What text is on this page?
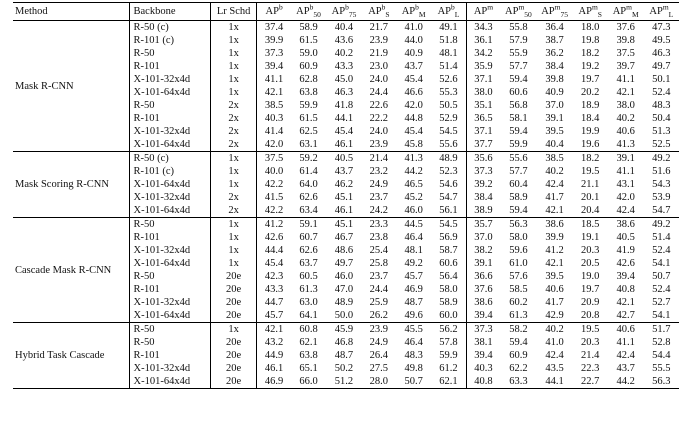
Method	Backbone	Lr Schd	$AP^b$	$AP^b_{50}$	$AP^b_{75}$	$AP^b_S$	$AP^b_M$	$AP^b_L$	$AP^m$	$AP^m_{50}$	$AP^m_{75}$	$AP^m_S$	$AP^m_M$	$AP^m_L$
Mask R-CNN	R-50 (c)	1x	37.4	58.9	40.4	21.7	41.0	49.1	34.3	55.8	36.4	18.0	37.6	47.3
	R-101 (c)	1x	39.9	61.5	43.6	23.9	44.0	51.8	36.1	57.9	38.7	19.8	39.8	49.5
	R-50	1x	37.3	59.0	40.2	21.9	40.9	48.1	34.2	55.9	36.2	18.2	37.5	46.3
	R-101	1x	39.4	60.9	43.3	23.0	43.7	51.4	35.9	57.7	38.4	19.2	39.7	49.7
	X-101-32x4d	1x	41.1	62.8	45.0	24.0	45.4	52.6	37.1	59.4	39.8	19.7	41.1	50.1
	X-101-64x4d	1x	42.1	63.8	46.3	24.4	46.6	55.3	38.0	60.6	40.9	20.2	42.1	52.4
	R-50	2x	38.5	59.9	41.8	22.6	42.0	50.5	35.1	56.8	37.0	18.9	38.0	48.3
	R-101	2x	40.3	61.5	44.1	22.2	44.8	52.9	36.5	58.1	39.1	18.4	40.2	50.4
	X-101-32x4d	2x	41.4	62.5	45.4	24.0	45.4	54.5	37.1	59.4	39.5	19.9	40.6	51.3
	X-101-64x4d	2x	42.0	63.1	46.1	23.9	45.8	55.6	37.7	59.9	40.4	19.6	41.3	52.5
Mask Scoring R-CNN	R-50 (c)	1x	37.5	59.2	40.5	21.4	41.3	48.9	35.6	55.6	38.5	18.2	39.1	49.2
	R-101 (c)	1x	40.0	61.4	43.7	23.2	44.2	52.3	37.3	57.7	40.2	19.5	41.1	51.6
	X-101-64x4d	1x	42.2	64.0	46.2	24.9	46.5	54.6	39.2	60.4	42.4	21.1	43.1	54.3
	X-101-32x4d	2x	41.5	62.6	45.1	23.7	45.2	54.7	38.4	58.9	41.7	20.1	42.0	53.9
	X-101-64x4d	2x	42.2	63.4	46.1	24.2	46.0	56.1	38.9	59.4	42.1	20.4	42.4	54.7
Cascade Mask R-CNN	R-50	1x	41.2	59.1	45.1	23.3	44.5	54.5	35.7	56.3	38.6	18.5	38.6	49.2
	R-101	1x	42.6	60.7	46.7	23.8	46.4	56.9	37.0	58.0	39.9	19.1	40.5	51.4
	X-101-32x4d	1x	44.4	62.6	48.6	25.4	48.1	58.7	38.2	59.6	41.2	20.3	41.9	52.4
	X-101-64x4d	1x	45.4	63.7	49.7	25.8	49.2	60.6	39.1	61.0	42.1	20.5	42.6	54.1
	R-50	20e	42.3	60.5	46.0	23.7	45.7	56.4	36.6	57.6	39.5	19.0	39.4	50.7
	R-101	20e	43.3	61.3	47.0	24.4	46.9	58.0	37.6	58.5	40.6	19.7	40.8	52.4
	X-101-32x4d	20e	44.7	63.0	48.9	25.9	48.7	58.9	38.6	60.2	41.7	20.9	42.1	52.7
	X-101-64x4d	20e	45.7	64.1	50.0	26.2	49.6	60.0	39.4	61.3	42.9	20.8	42.7	54.1
Hybrid Task Cascade	R-50	1x	42.1	60.8	45.9	23.9	45.5	56.2	37.3	58.2	40.2	19.5	40.6	51.7
	R-50	20e	43.2	62.1	46.8	24.9	46.4	57.8	38.1	59.4	41.0	20.3	41.1	52.8
	R-101	20e	44.9	63.8	48.7	26.4	48.3	59.9	39.4	60.9	42.4	21.4	42.4	54.4
	X-101-32x4d	20e	46.1	65.1	50.2	27.5	49.8	61.2	40.3	62.2	43.5	22.3	43.7	55.5
	X-101-64x4d	20e	46.9	66.0	51.2	28.0	50.7	62.1	40.8	63.3	44.1	22.7	44.2	56.3
